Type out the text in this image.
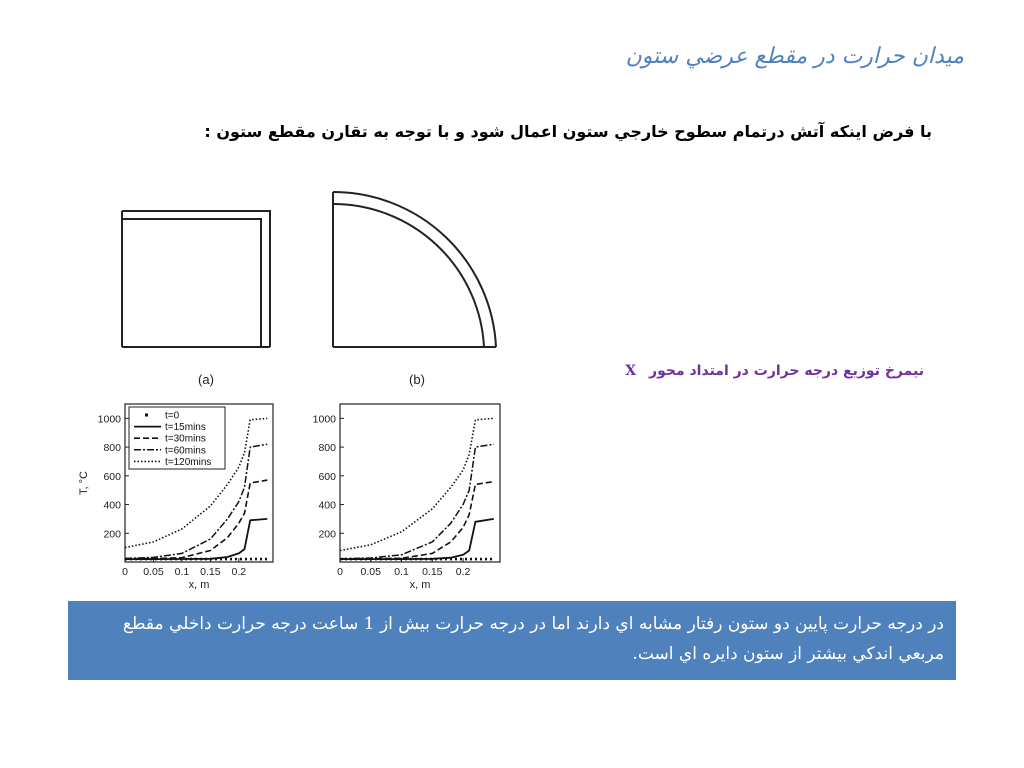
ميدان حرارت در مقطع عرضي ستون
با فرض اينكه آتش درتمام سطوح خارجي ستون اعمال شود و با توجه به تقارن مقطع ستون :
(a)	(b)
نيمرخ توزيع درجه حرارت در امتداد محور X
200
400
600
800
1000
0 0.05 0.1 0.15 0.2
x, m
T, °C
t=0
t=15mins
t=30mins
t=60mins
t=120mins
200
400
600
800
1000
0 0.05 0.1 0.15 0.2
x, m
در درجه حرارت پايين دو ستون رفتار مشابه اي دارند اما در درجه حرارت بيش از 1 ساعت درجه حرارت داخلي مقطع مربعي اندكي بيشتر از ستون دايره اي است.
